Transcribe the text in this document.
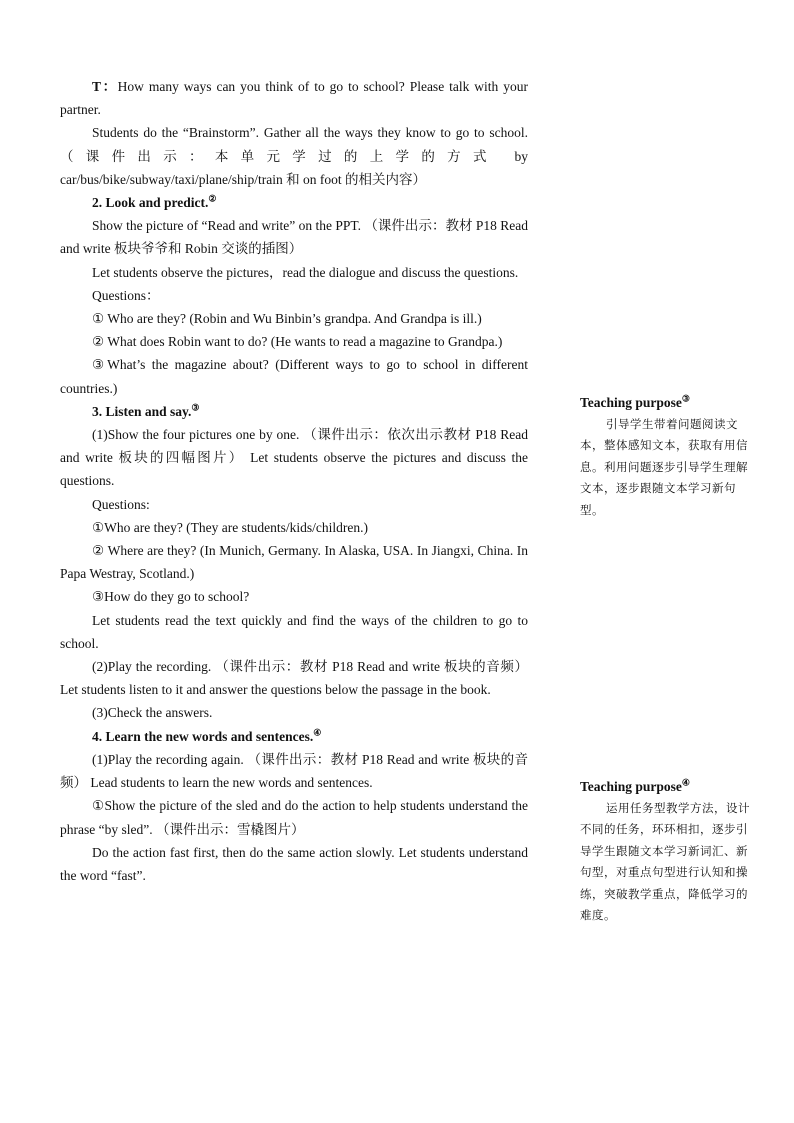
T：How many ways can you think of to go to school? Please talk with your partner.

Students do the “Brainstorm”. Gather all the ways they know to go to school. （课件出示：本单元学过的上学的方式 by car/bus/bike/subway/taxi/plane/ship/train 和 on foot 的相关内容）

2. Look and predict.②

Show the picture of “Read and write” on the PPT. （课件出示：教材 P18 Read and write 板块爷爷和 Robin 交谈的插图）

Let students observe the pictures，read the dialogue and discuss the questions.

Questions：

① Who are they? (Robin and Wu Binbin’s grandpa. And Grandpa is ill.)

② What does Robin want to do? (He wants to read a magazine to Grandpa.)

③What’s the magazine about? (Different ways to go to school in different countries.)

3. Listen and say.③

(1)Show the four pictures one by one. （课件出示：依次出示教材 P18 Read and write 板块的四幅图片） Let students observe the pictures and discuss the questions.

Questions:

①Who are they? (They are students/kids/children.)

② Where are they? (In Munich, Germany. In Alaska, USA. In Jiangxi, China. In Papa Westray, Scotland.)

③How do they go to school?

Let students read the text quickly and find the ways of the children to go to school.

(2)Play the recording. （课件出示：教材 P18 Read and write 板块的音频）Let students listen to it and answer the questions below the passage in the book.

(3)Check the answers.

4. Learn the new words and sentences.④

(1)Play the recording again. （课件出示：教材 P18 Read and write 板块的音频） Lead students to learn the new words and sentences.

①Show the picture of the sled and do the action to help students understand the phrase “by sled”. （课件出示：雪橇图片）

Do the action fast first, then do the same action slowly. Let students understand the word “fast”.

Teaching purpose③
引导学生带着问题阅读文本，整体感知文本，获取有用信息。利用问题逐步引导学生理解文本，逐步跟随文本学习新句型。
Teaching purpose④
运用任务型教学方法，设计不同的任务，环环相扣，逐步引导学生跟随文本学习新词汇、新句型，对重点句型进行认知和操练，突破教学重点，降低学习的难度。
